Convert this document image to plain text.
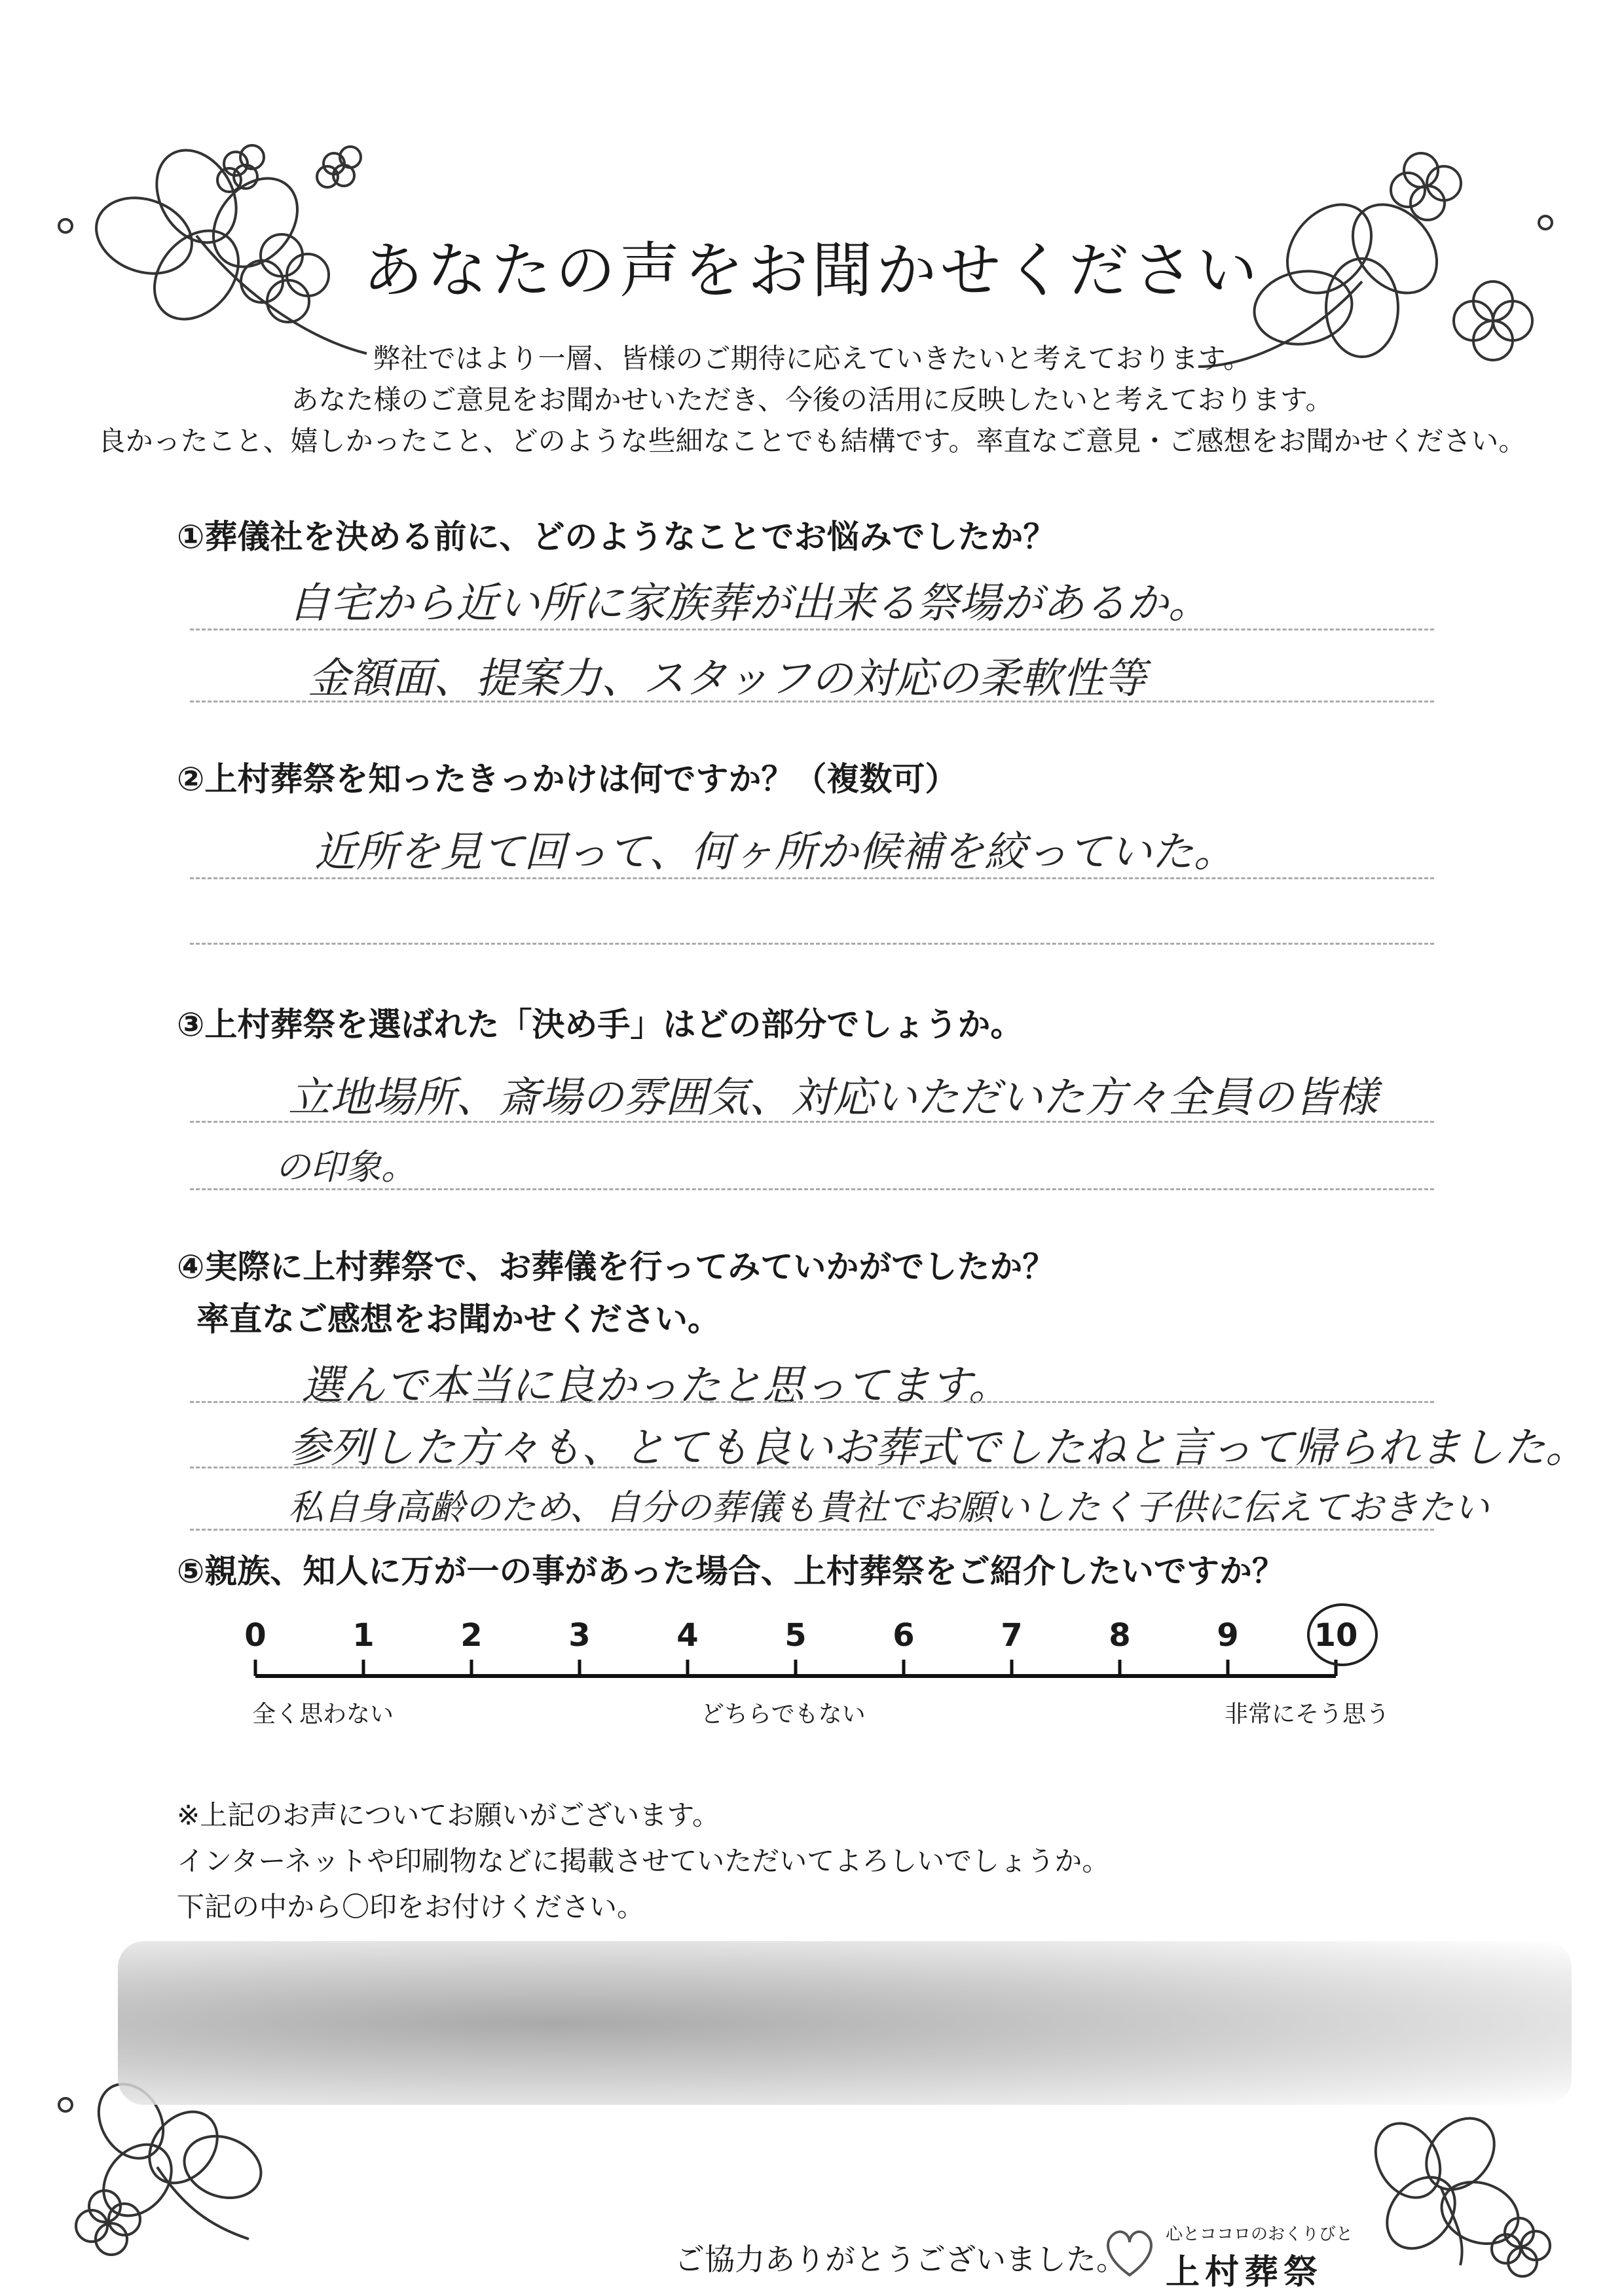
あなたの声をお聞かせください
弊社ではより一層、皆様のご期待に応えていきたいと考えております。
あなた様のご意見をお聞かせいただき、今後の活用に反映したいと考えております。
良かったこと、嬉しかったこと、どのような些細なことでも結構です。率直なご意見・ご感想をお聞かせください。
①葬儀社を決める前に、どのようなことでお悩みでしたか？
自宅から近い所に家族葬が出来る祭場があるか。
金額面、提案力、スタッフの対応の柔軟性等
②上村葬祭を知ったきっかけは何ですか？（複数可）
近所を見て回って、何ヶ所か候補を絞っていた。
③上村葬祭を選ばれた「決め手」はどの部分でしょうか。
立地場所、斎場の雰囲気、対応いただいた方々全員の皆様
の印象。
④実際に上村葬祭で、お葬儀を行ってみていかがでしたか？
率直なご感想をお聞かせください。
選んで本当に良かったと思ってます。
参列した方々も、とても良いお葬式でしたねと言って帰られました。
私自身高齢のため、自分の葬儀も貴社でお願いしたく子供に伝えておきたい
⑤親族、知人に万が一の事があった場合、上村葬祭をご紹介したいですか？
0	1	2	3	4	5	6	7	8	9	10
全く思わない	どちらでもない	非常にそう思う
※上記のお声についてお願いがございます。
インターネットや印刷物などに掲載させていただいてよろしいでしょうか。
下記の中から〇印をお付けください。
ご協力ありがとうございました。
心とココロのおくりびと
上村葬祭
